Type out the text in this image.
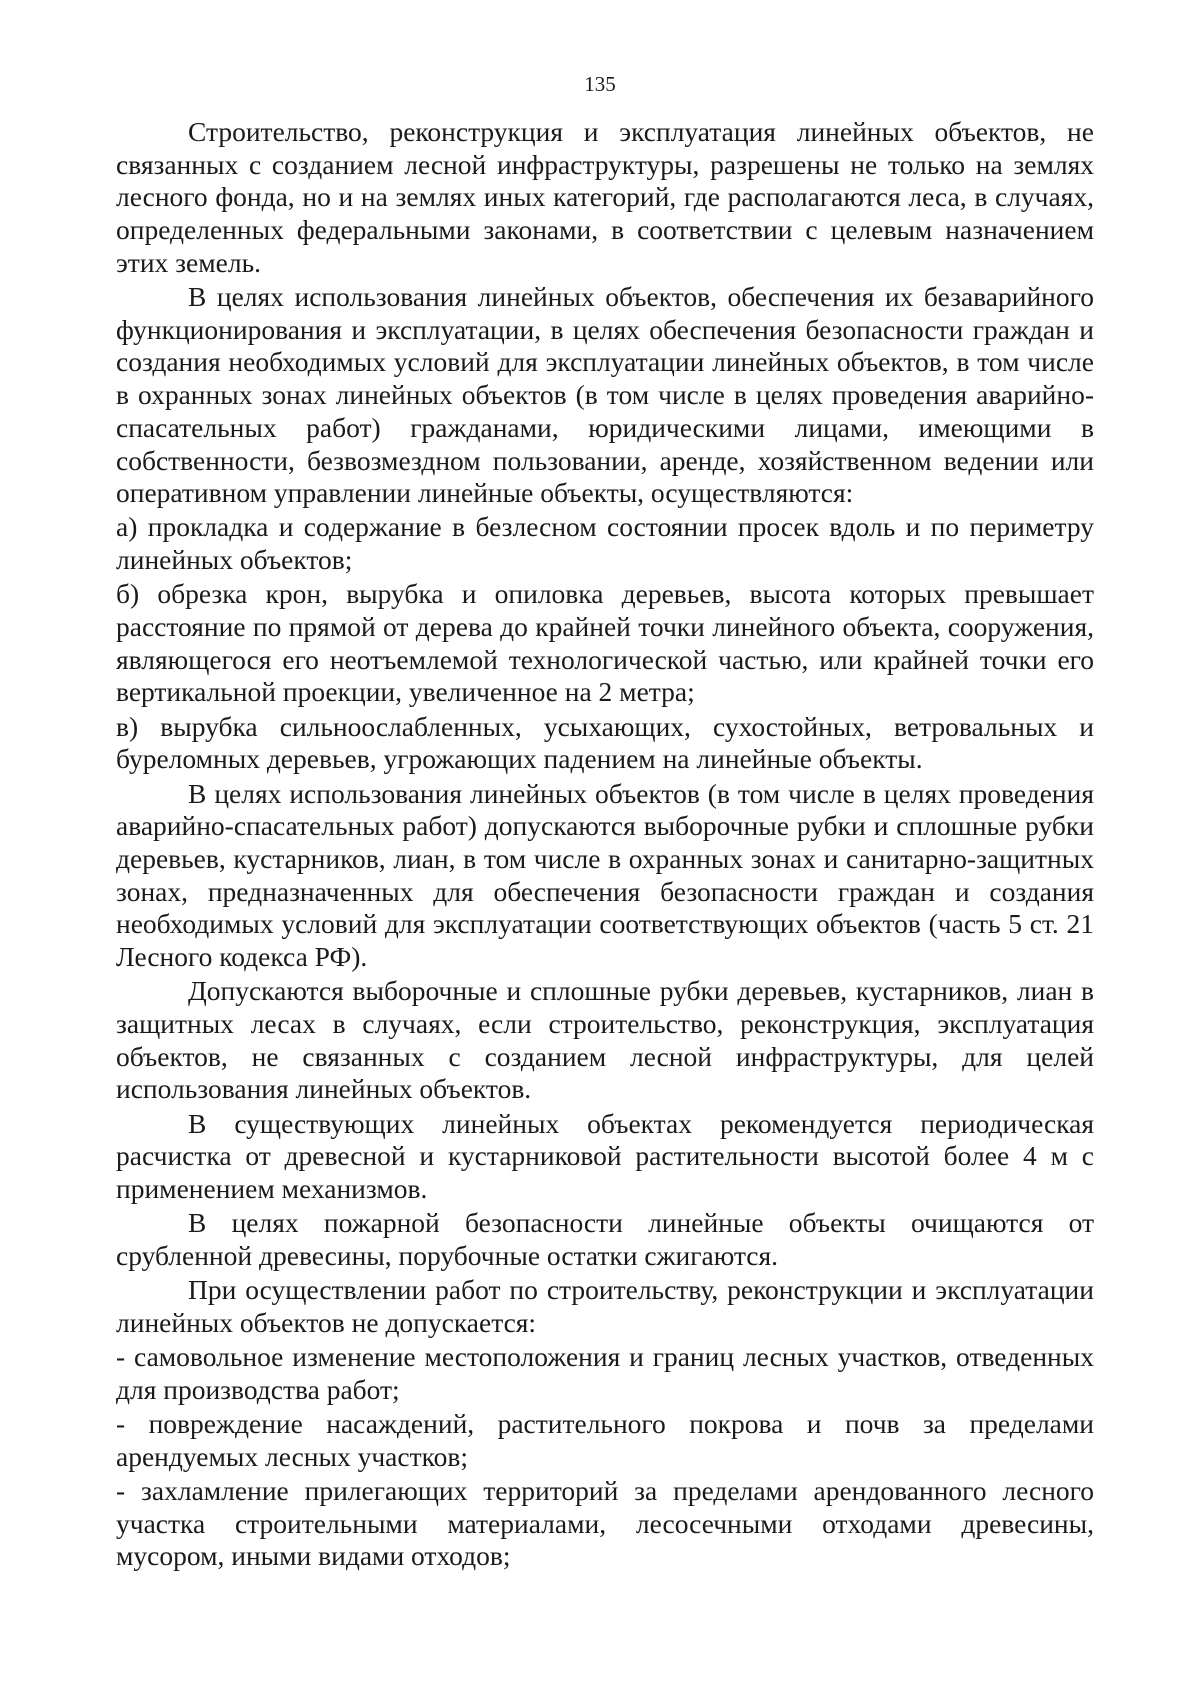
135

Строительство, реконструкция и эксплуатация линейных объектов, не связанных с созданием лесной инфраструктуры, разрешены не только на землях лесного фонда, но и на землях иных категорий, где располагаются леса, в случаях, определенных федеральными законами, в соответствии с целевым назначением этих земель.

В целях использования линейных объектов, обеспечения их безаварийного функционирования и эксплуатации, в целях обеспечения безопасности граждан и создания необходимых условий для эксплуатации линейных объектов, в том числе в охранных зонах линейных объектов (в том числе в целях проведения аварийно-спасательных работ) гражданами, юридическими лицами, имеющими в собственности, безвозмездном пользовании, аренде, хозяйственном ведении или оперативном управлении линейные объекты, осуществляются:

а) прокладка и содержание в безлесном состоянии просек вдоль и по периметру линейных объектов;

б) обрезка крон, вырубка и опиловка деревьев, высота которых превышает расстояние по прямой от дерева до крайней точки линейного объекта, сооружения, являющегося его неотъемлемой технологической частью, или крайней точки его вертикальной проекции, увеличенное на 2 метра;

в) вырубка сильноослабленных, усыхающих, сухостойных, ветровальных и буреломных деревьев, угрожающих падением на линейные объекты.

В целях использования линейных объектов (в том числе в целях проведения аварийно-спасательных работ) допускаются выборочные рубки и сплошные рубки деревьев, кустарников, лиан, в том числе в охранных зонах и санитарно-защитных зонах, предназначенных для обеспечения безопасности граждан и создания необходимых условий для эксплуатации соответствующих объектов (часть 5 ст. 21 Лесного кодекса РФ).

Допускаются выборочные и сплошные рубки деревьев, кустарников, лиан в защитных лесах в случаях, если строительство, реконструкция, эксплуатация объектов, не связанных с созданием лесной инфраструктуры, для целей использования линейных объектов.

В существующих линейных объектах рекомендуется периодическая расчистка от древесной и кустарниковой растительности высотой более 4 м с применением механизмов.

В целях пожарной безопасности линейные объекты очищаются от срубленной древесины, порубочные остатки сжигаются.

При осуществлении работ по строительству, реконструкции и эксплуатации линейных объектов не допускается:

- самовольное изменение местоположения и границ лесных участков, отведенных для производства работ;

- повреждение насаждений, растительного покрова и почв за пределами арендуемых лесных участков;

- захламление прилегающих территорий за пределами арендованного лесного участка строительными материалами, лесосечными отходами древесины, мусором, иными видами отходов;
